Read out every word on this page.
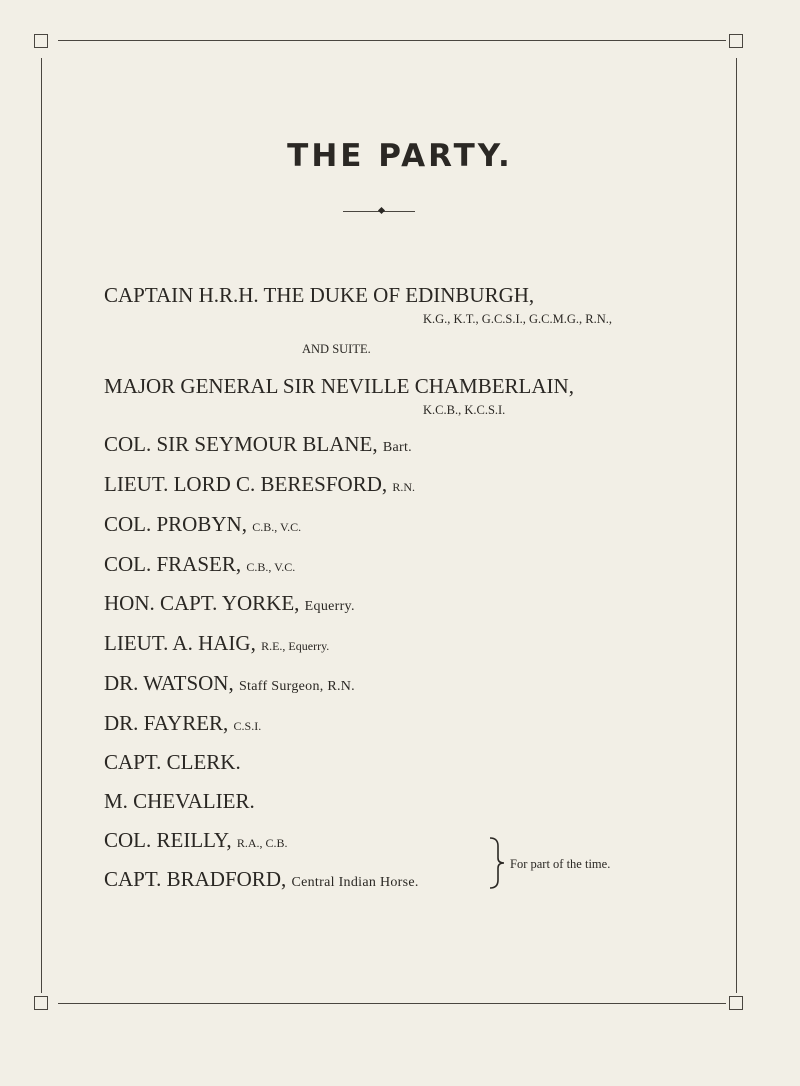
THE PARTY.
CAPTAIN H.R.H. THE DUKE OF EDINBURGH,
K.G., K.T., G.C.S.I., G.C.M.G., R.N.,
AND SUITE.
MAJOR GENERAL SIR NEVILLE CHAMBERLAIN,
K.C.B., K.C.S.I.
COL. SIR SEYMOUR BLANE, Bart.
LIEUT. LORD C. BERESFORD, R.N.
COL. PROBYN, C.B., V.C.
COL. FRASER, C.B., V.C.
HON. CAPT. YORKE, Equerry.
LIEUT. A. HAIG, R.E., Equerry.
DR. WATSON, Staff Surgeon, R.N.
DR. FAYRER, C.S.I.
CAPT. CLERK.
M. CHEVALIER.
COL. REILLY, R.A., C.B.
CAPT. BRADFORD, Central Indian Horse.
For part of the time.
